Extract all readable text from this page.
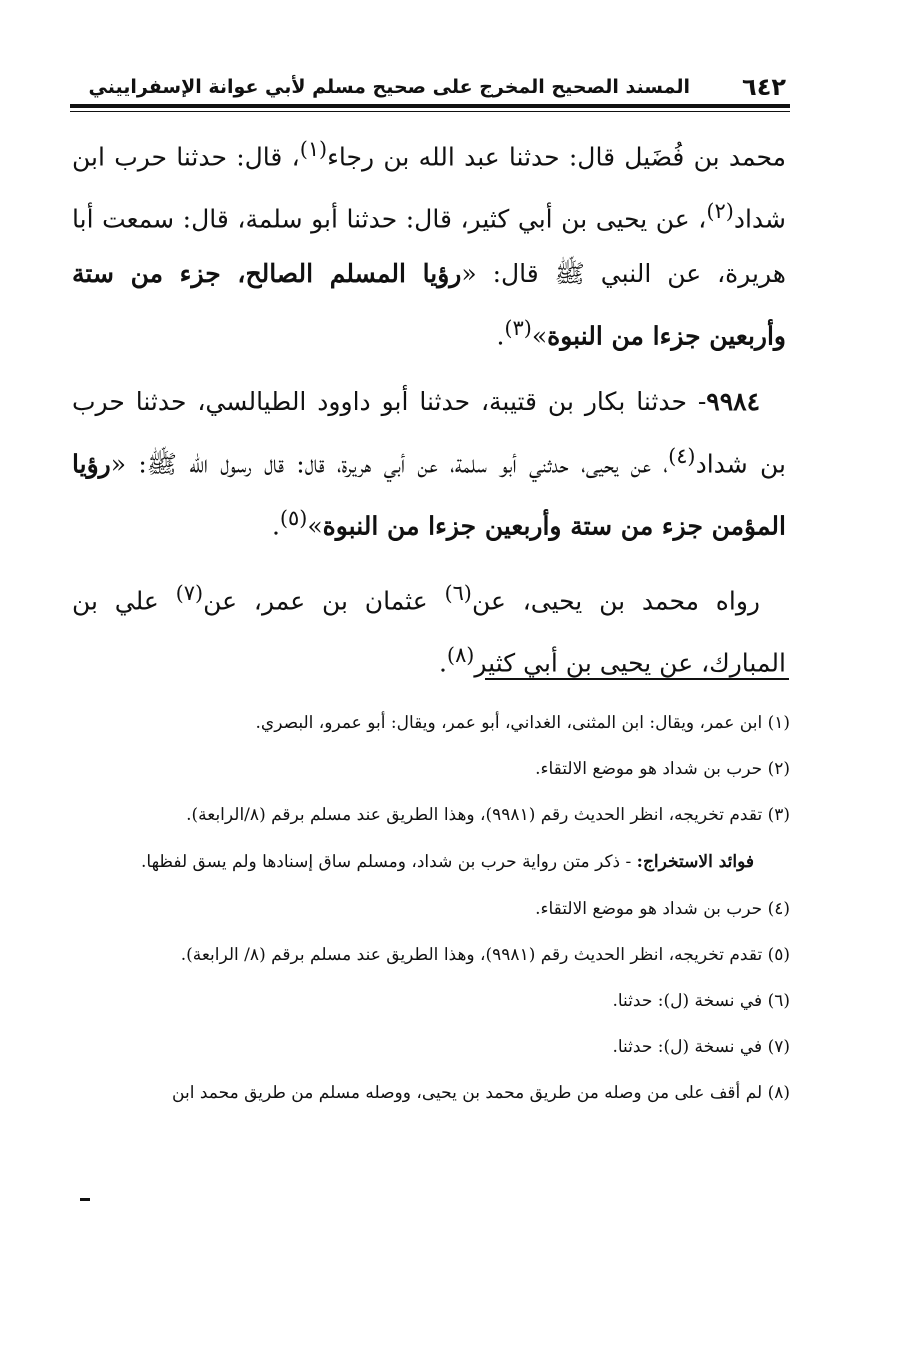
٦٤٢
المسند الصحيح المخرج على صحيح مسلم لأبي عوانة الإسفراييني

محمد بن فُضَيل قال: حدثنا عبد الله بن رجاء$^{(١)}$، قال: حدثنا حرب ابن شداد$^{(٢)}$، عن يحيى بن أبي كثير، قال: حدثنا أبو سلمة، قال: سمعت أبا هريرة، عن النبي ﷺ قال: «رؤيا المسلم الصالح، جزء من ستة وأربعين جزءا من النبوة»$^{(٣)}$.

٩٩٨٤- حدثنا بكار بن قتيبة، حدثنا أبو داوود الطيالسي، حدثنا حرب بن شداد$^{(٤)}$، عن يحيى، حدثني أبو سلمة، عن أبي هريرة، قال: قال رسول الله ﷺ: «رؤيا المؤمن جزء من ستة وأربعين جزءا من النبوة»$^{(٥)}$.

رواه محمد بن يحيى، عن$^{(٦)}$ عثمان بن عمر، عن$^{(٧)}$ علي بن المبارك، عن يحيى بن أبي كثير$^{(٨)}$.

(١) ابن عمر، ويقال: ابن المثنى، الغداني، أبو عمر، ويقال: أبو عمرو، البصري.

(٢) حرب بن شداد هو موضع الالتقاء.

(٣) تقدم تخريجه، انظر الحديث رقم (٩٩٨١)، وهذا الطريق عند مسلم برقم (٨/الرابعة).

فوائد الاستخراج: - ذكر متن رواية حرب بن شداد، ومسلم ساق إسنادها ولم يسق لفظها.

(٤) حرب بن شداد هو موضع الالتقاء.

(٥) تقدم تخريجه، انظر الحديث رقم (٩٩٨١)، وهذا الطريق عند مسلم برقم (٨/ الرابعة).

(٦) في نسخة (ل): حدثنا.

(٧) في نسخة (ل): حدثنا.

(٨) لم أقف على من وصله من طريق محمد بن يحيى، ووصله مسلم من طريق محمد ابن
